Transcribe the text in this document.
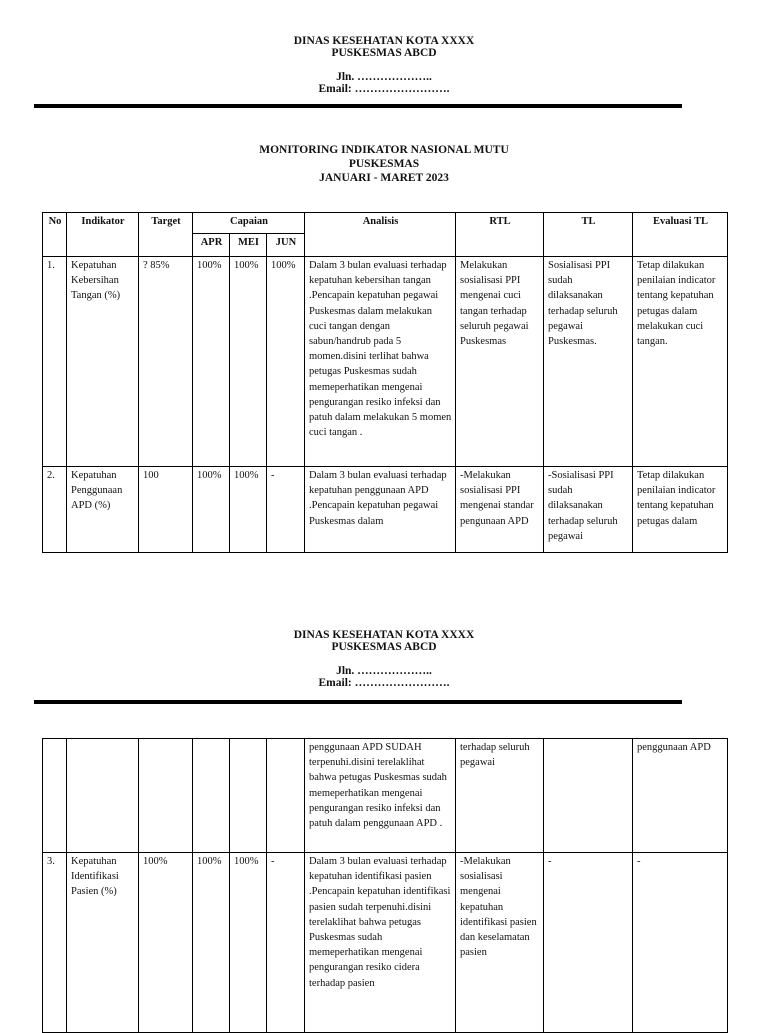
DINAS KESEHATAN KOTA XXXX
PUSKESMAS ABCD
Jln. ………………..
Email: …………………….
MONITORING INDIKATOR NASIONAL MUTU
PUSKESMAS
JANUARI - MARET 2023
No	Indikator	Target	Capaian			Analisis	RTL	TL	Evaluasi TL
			APR	MEI	JUN				
1.	Kepatuhan Kebersihan Tangan (%)	? 85%	100%	100%	100%	Dalam 3 bulan evaluasi terhadap kepatuhan kebersihan tangan .Pencapain kepatuhan pegawai Puskesmas dalam melakukan cuci tangan dengan sabun/handrub pada 5 momen.disini terlihat bahwa petugas Puskesmas sudah memeperhatikan mengenai pengurangan resiko infeksi dan patuh dalam melakukan 5 momen cuci tangan .	Melakukan sosialisasi PPI mengenai cuci tangan terhadap seluruh pegawai Puskesmas	Sosialisasi PPI sudah dilaksanakan terhadap seluruh pegawai Puskesmas.	Tetap dilakukan penilaian indicator tentang kepatuhan petugas dalam melakukan cuci tangan.
2.	Kepatuhan Penggunaan APD (%)	100	100%	100%	-	Dalam 3 bulan evaluasi terhadap kepatuhan penggunaan APD .Pencapain kepatuhan pegawai Puskesmas dalam	-Melakukan sosialisasi PPI mengenai standar pengunaan APD	-Sosialisasi PPI sudah dilaksanakan terhadap seluruh pegawai	Tetap dilakukan penilaian indicator tentang kepatuhan petugas dalam
DINAS KESEHATAN KOTA XXXX
PUSKESMAS ABCD
Jln. ………………..
Email: …………………….
						penggunaan APD SUDAH terpenuhi.disini terelaklihat bahwa petugas Puskesmas sudah memeperhatikan mengenai pengurangan resiko infeksi dan patuh dalam penggunaan APD .	terhadap seluruh pegawai		penggunaan APD
3.	Kepatuhan Identifikasi Pasien (%)	100%	100%	100%	-	Dalam 3 bulan evaluasi terhadap kepatuhan identifikasi pasien .Pencapain kepatuhan identifikasi pasien sudah terpenuhi.disini terelaklihat bahwa petugas Puskesmas sudah memeperhatikan mengenai pengurangan resiko cidera terhadap pasien	-Melakukan sosialisasi mengenai kepatuhan identifikasi pasien dan keselamatan pasien	-	-
